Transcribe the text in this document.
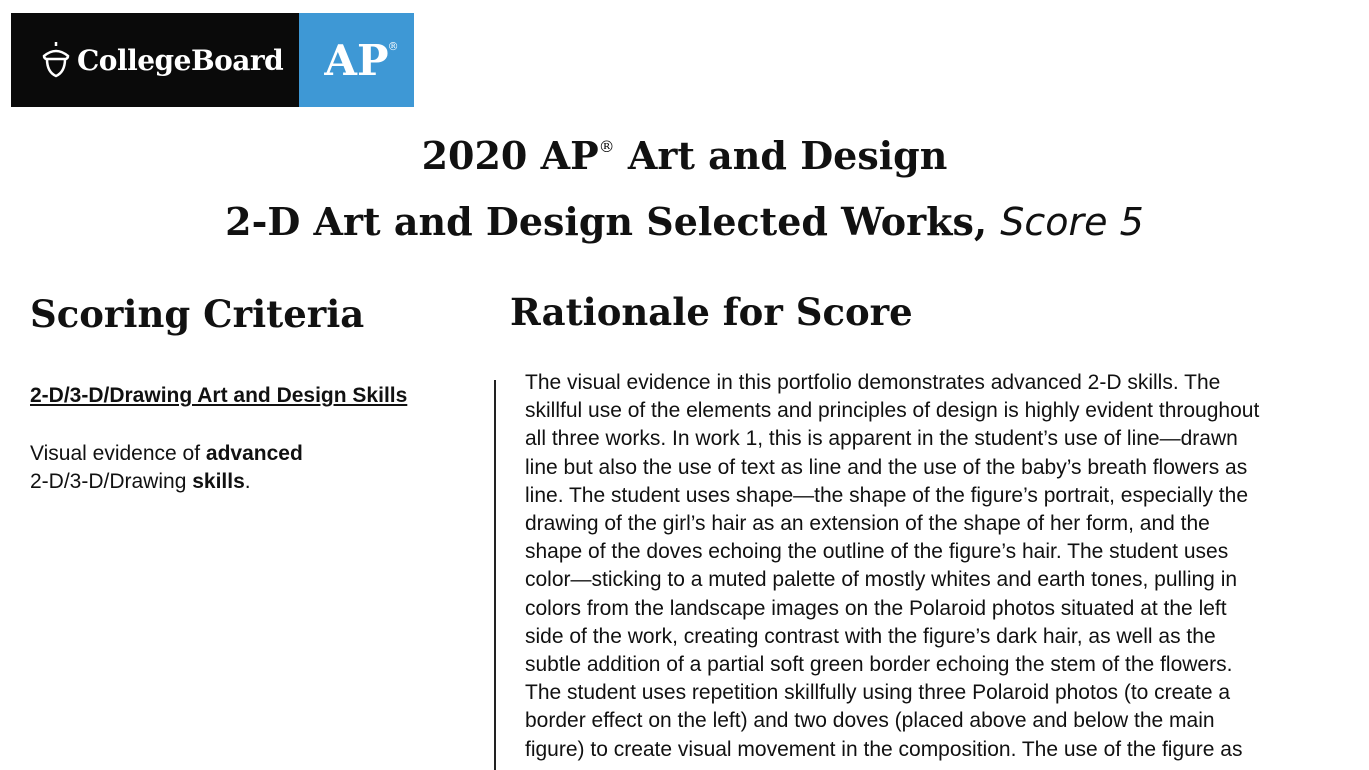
CollegeBoard AP ®
2020 AP® Art and Design
2-D Art and Design Selected Works, Score 5
Scoring Criteria
2-D/3-D/Drawing Art and Design Skills
Visual evidence of advanced
2-D/3-D/Drawing skills.
Rationale for Score
The visual evidence in this portfolio demonstrates advanced 2-D skills. The
skillful use of the elements and principles of design is highly evident throughout
all three works. In work 1, this is apparent in the student’s use of line—drawn
line but also the use of text as line and the use of the baby’s breath flowers as
line. The student uses shape—the shape of the figure’s portrait, especially the
drawing of the girl’s hair as an extension of the shape of her form, and the
shape of the doves echoing the outline of the figure’s hair. The student uses
color—sticking to a muted palette of mostly whites and earth tones, pulling in
colors from the landscape images on the Polaroid photos situated at the left
side of the work, creating contrast with the figure’s dark hair, as well as the
subtle addition of a partial soft green border echoing the stem of the flowers.
The student uses repetition skillfully using three Polaroid photos (to create a
border effect on the left) and two doves (placed above and below the main
figure) to create visual movement in the composition. The use of the figure as
